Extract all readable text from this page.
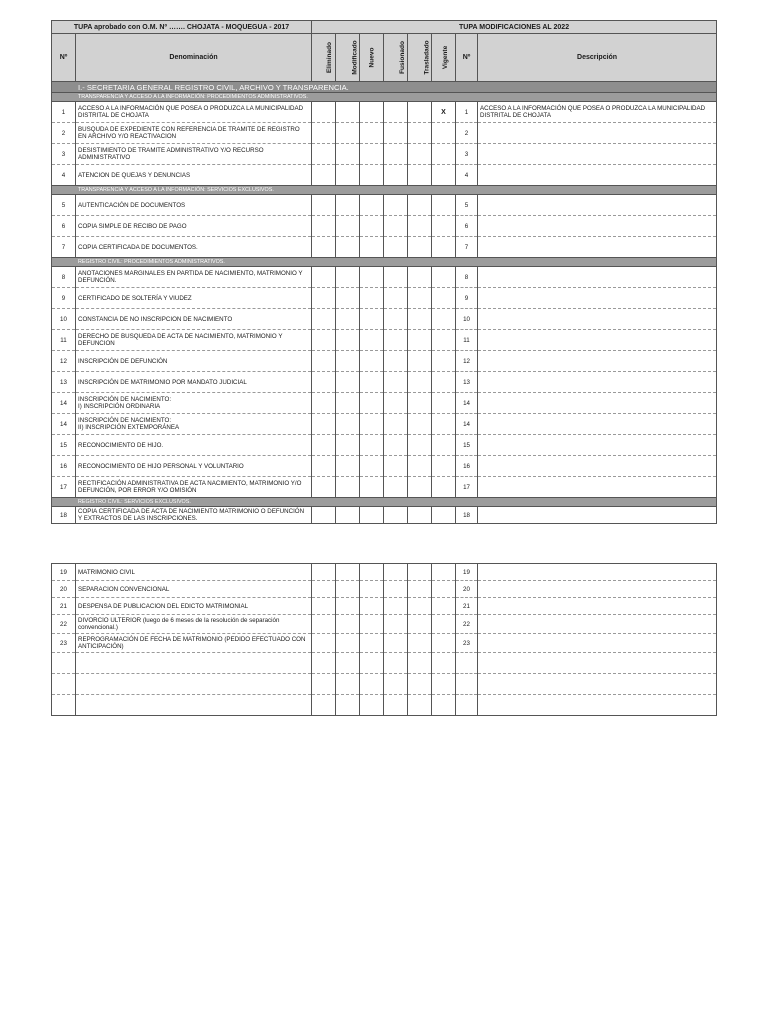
TUPA aprobado con O.M. Nº ……. CHOJATA - MOQUEGUA - 2017		TUPA MODIFICACIONES AL 2022							
Nº	Denominación	Eliminado	Modificado	Nuevo	Fusionado	Trasladado	Vigente	Nº	Descripción
I.- SECRETARIA GENERAL REGISTRO CIVIL, ARCHIVO Y TRANSPARENCIA.									
TRANSPARENCIA Y ACCESO A LA INFORMACIÓN: PROCEDIMIENTOS ADMINISTRATIVOS.									
1	ACCESO A LA INFORMACIÓN QUE POSEA O PRODUZCA LA MUNICIPALIDAD DISTRITAL DE CHOJATA						X	1	ACCESO A LA INFORMACIÓN QUE POSEA O PRODUZCA LA MUNICIPALIDAD DISTRITAL DE CHOJATA
2	BUSQUDA DE EXPEDIENTE CON REFERENCIA DE TRAMITE DE REGISTRO EN ARCHIVO Y/O REACTIVACION							2	
3	DESISTIMIENTO DE TRAMITE ADMINISTRATIVO Y/O RECURSO ADMINISTRATIVO							3	
4	ATENCION DE QUEJAS Y DENUNCIAS							4	
TRANSPARENCIA Y ACCESO A LA INFORMACIÓN: SERVICIOS EXCLUSIVOS.									
5	AUTENTICACIÓN DE DOCUMENTOS							5	
6	COPIA SIMPLE DE RECIBO DE PAGO							6	
7	COPIA CERTIFICADA DE DOCUMENTOS.							7	
REGISTRO CIVIL: PROCEDIMIENTOS ADMINISTRATIVOS.									
8	ANOTACIONES MARGINALES EN PARTIDA DE NACIMIENTO, MATRIMONIO Y DEFUNCIÓN.							8	
9	CERTIFICADO DE SOLTERÍA Y VIUDEZ							9	
10	CONSTANCIA DE NO INSCRIPCION DE NACIMIENTO							10	
11	DERECHO DE BUSQUEDA DE ACTA DE NACIMIENTO, MATRIMONIO Y DEFUNCION							11	
12	INSCRIPCIÓN DE DEFUNCIÓN							12	
13	INSCRIPCIÓN DE MATRIMONIO POR MANDATO JUDICIAL							13	
14	INSCRIPCIÓN DE NACIMIENTO:
I) INSCRIPCIÓN ORDINARIA							14	
14	INSCRIPCIÓN DE NACIMIENTO:
II) INSCRIPCIÓN EXTEMPORÁNEA							14	
15	RECONOCIMIENTO DE HIJO.							15	
16	RECONOCIMIENTO DE HIJO PERSONAL Y VOLUNTARIO							16	
17	RECTIFICACIÓN ADMINISTRATIVA DE ACTA NACIMIENTO, MATRIMONIO Y/O DEFUNCIÓN, POR ERROR Y/O OMISIÓN							17	
REGISTRO CIVIL: SERVICIOS EXCLUSIVOS.									
18	COPIA CERTIFICADA DE ACTA DE NACIMIENTO MATRIMONIO O DEFUNCIÓN Y EXTRACTOS DE LAS INSCRIPCIONES.							18	
19	MATRIMONIO CIVIL							19	
20	SEPARACION CONVENCIONAL							20	
21	DESPENSA DE PUBLICACION DEL EDICTO MATRIMONIAL							21	
22	DIVORCIO ULTERIOR (luego de 6 meses de la resolución de separación convencional.)							22	
23	REPROGRAMACIÓN DE FECHA DE MATRIMONIO (PEDIDO EFECTUADO CON ANTICIPACIÓN)							23	
